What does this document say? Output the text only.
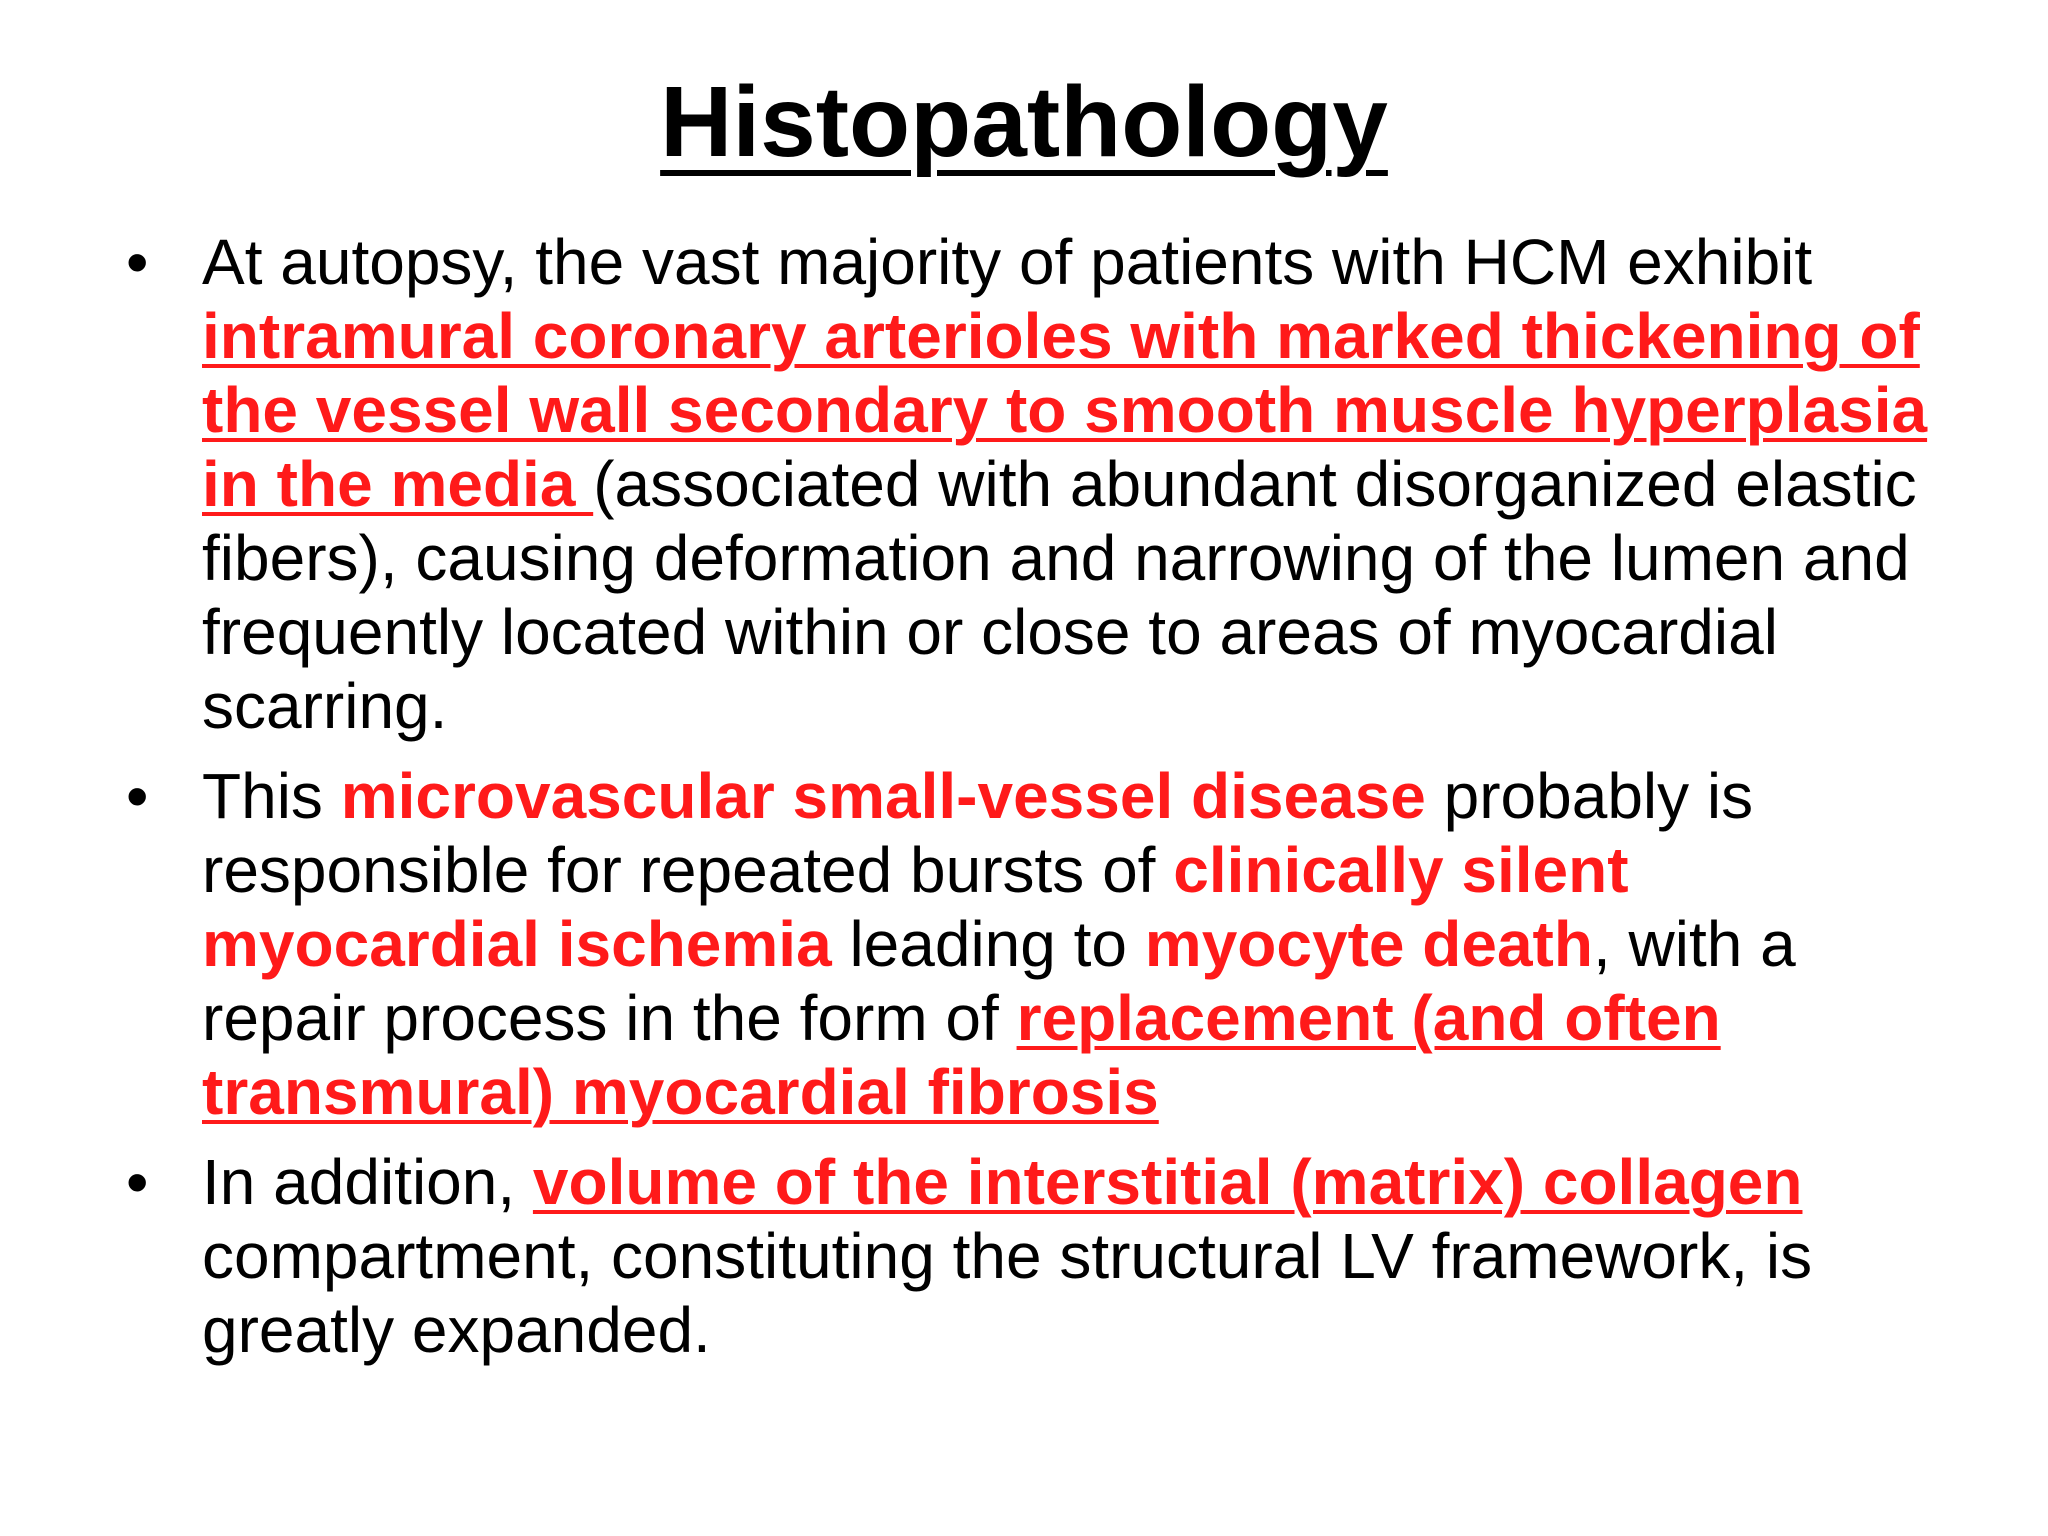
Histopathology
• At autopsy, the vast majority of patients with HCM exhibit intramural coronary arterioles with marked thickening of the vessel wall secondary to smooth muscle hyperplasia in the media (associated with abundant disorganized elastic fibers), causing deformation and narrowing of the lumen and frequently located within or close to areas of myocardial scarring.
• This microvascular small-vessel disease probably is responsible for repeated bursts of clinically silent myocardial ischemia leading to myocyte death, with a repair process in the form of replacement (and often transmural) myocardial fibrosis
• In addition, volume of the interstitial (matrix) collagen compartment, constituting the structural LV framework, is greatly expanded.
